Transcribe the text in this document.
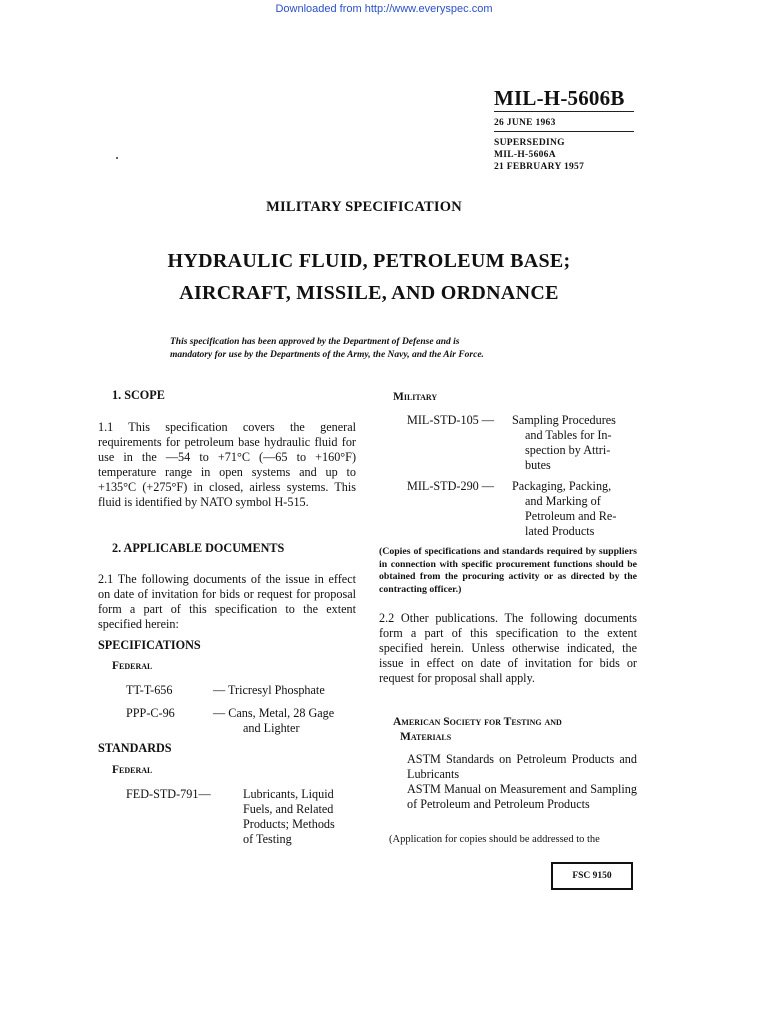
Downloaded from http://www.everyspec.com
MIL-H-5606B
26 JUNE 1963
SUPERSEDING
MIL-H-5606A
21 FEBRUARY 1957
MILITARY SPECIFICATION
HYDRAULIC FLUID, PETROLEUM BASE;
AIRCRAFT, MISSILE, AND ORDNANCE
This specification has been approved by the Department of Defense and is
mandatory for use by the Departments of the Army, the Navy, and the Air Force.
1. SCOPE

1.1 This specification covers the general requirements for petroleum base hydraulic fluid for use in the —54 to +71°C (—65 to +160°F) temperature range in open systems and up to +135°C (+275°F) in closed, airless systems. This fluid is identified by NATO symbol H-515.

2. APPLICABLE DOCUMENTS

2.1 The following documents of the issue in effect on date of invitation for bids or request for proposal form a part of this specification to the extent specified herein:

SPECIFICATIONS
Federal
TT-T-656	— Tricresyl Phosphate
PPP-C-96	— Cans, Metal, 28 Gage
and Lighter
STANDARDS
Federal
FED-STD-791—	Lubricants, Liquid
Fuels, and Related
Products; Methods
of Testing
Military
MIL-STD-105 — Sampling Procedures
and Tables for In-
spection by Attri-
butes
MIL-STD-290 — Packaging, Packing,
and Marking of
Petroleum and Re-
lated Products

(Copies of specifications and standards required by suppliers in connection with specific procurement functions should be obtained from the procuring activity or as directed by the contracting officer.)

2.2 Other publications. The following documents form a part of this specification to the extent specified herein. Unless otherwise indicated, the issue in effect on date of invitation for bids or request for proposal shall apply.

American Society for Testing and
Materials

ASTM Standards on Petroleum Products and Lubricants

ASTM Manual on Measurement and Sampling of Petroleum and Petroleum Products

(Application for copies should be addressed to the
FSC 9150
